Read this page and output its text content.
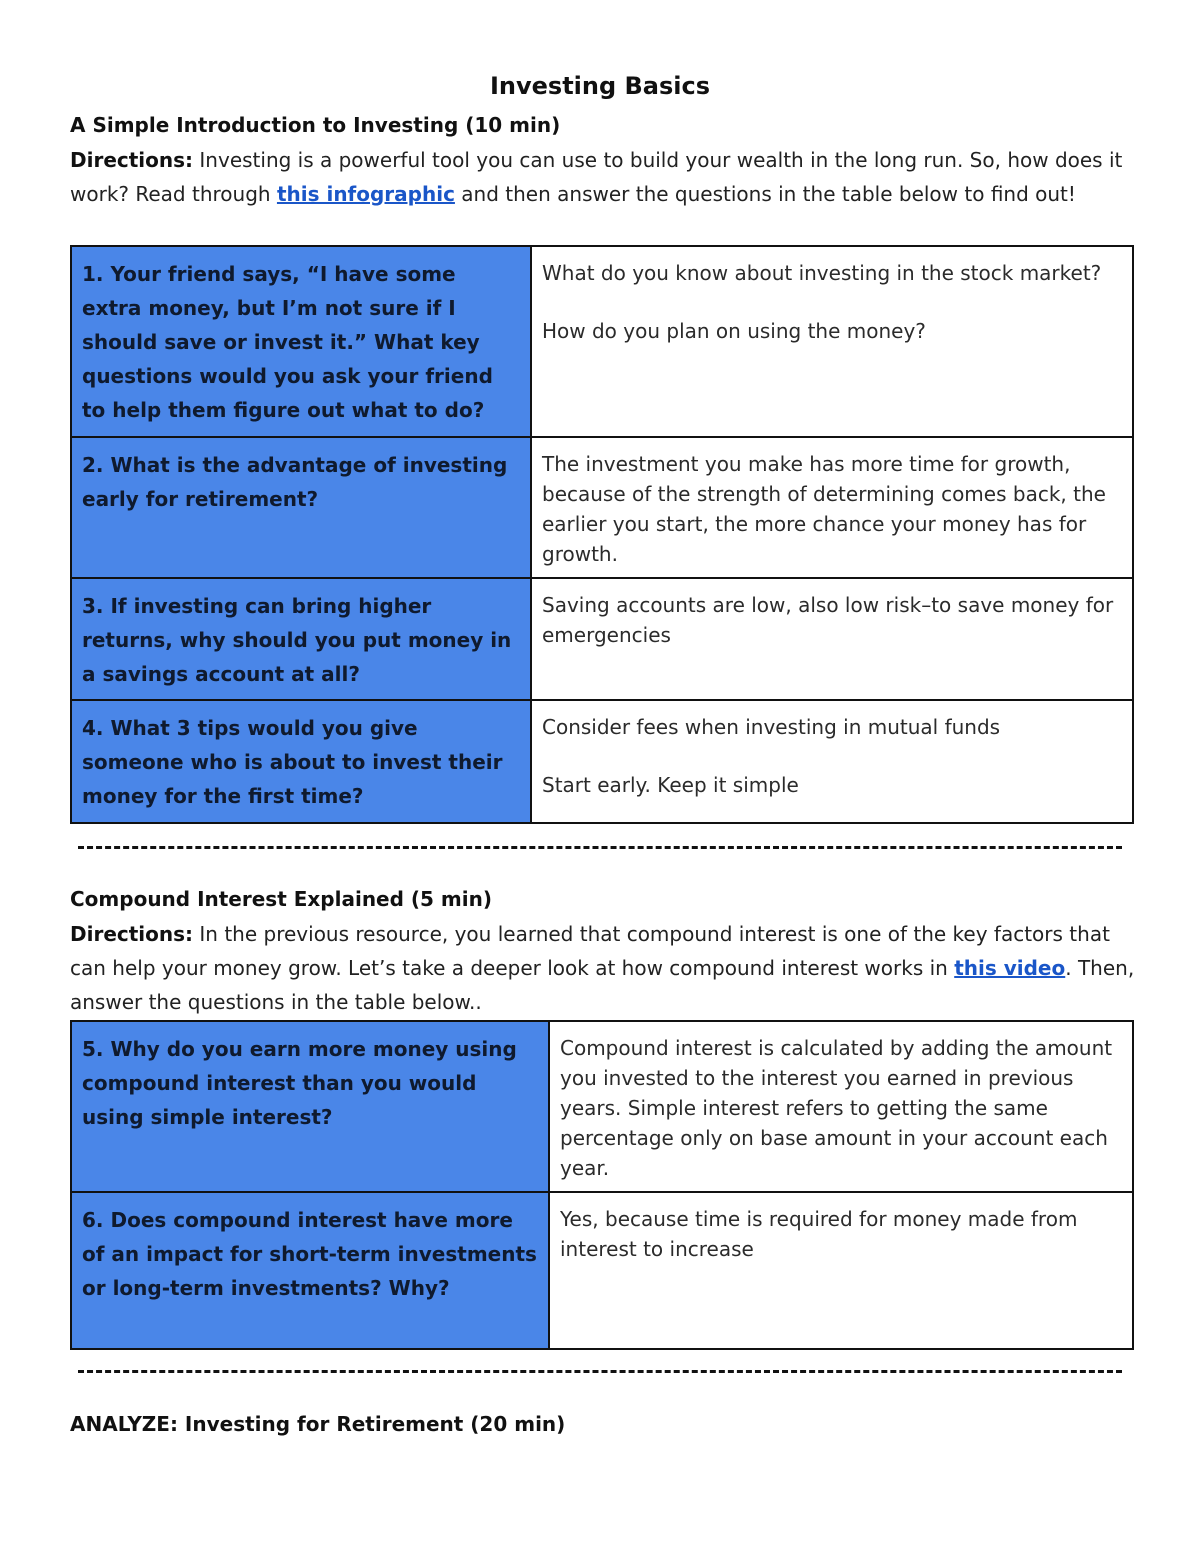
Investing Basics
A Simple Introduction to Investing (10 min)
Directions: Investing is a powerful tool you can use to build your wealth in the long run. So, how does it work? Read through this infographic and then answer the questions in the table below to find out!
1. Your friend says, “I have some extra money, but I’m not sure if I should save or invest it.” What key questions would you ask your friend to help them figure out what to do?	What do you know about investing in the stock market?
How do you plan on using the money?

2. What is the advantage of investing early for retirement?	The investment you make has more time for growth, because of the strength of determining comes back, the earlier you start, the more chance your money has for growth.

3. If investing can bring higher returns, why should you put money in a savings account at all?	Saving accounts are low, also low risk–to save money for emergencies

4. What 3 tips would you give someone who is about to invest their money for the first time?	Consider fees when investing in mutual funds
Start early. Keep it simple
Compound Interest Explained (5 min)
Directions: In the previous resource, you learned that compound interest is one of the key factors that can help your money grow. Let’s take a deeper look at how compound interest works in this video. Then, answer the questions in the table below..
5. Why do you earn more money using compound interest than you would using simple interest?	Compound interest is calculated by adding the amount you invested to the interest you earned in previous years. Simple interest refers to getting the same percentage only on base amount in your account each year.

6. Does compound interest have more of an impact for short-term investments or long-term investments? Why?	Yes, because time is required for money made from interest to increase
ANALYZE: Investing for Retirement (20 min)
